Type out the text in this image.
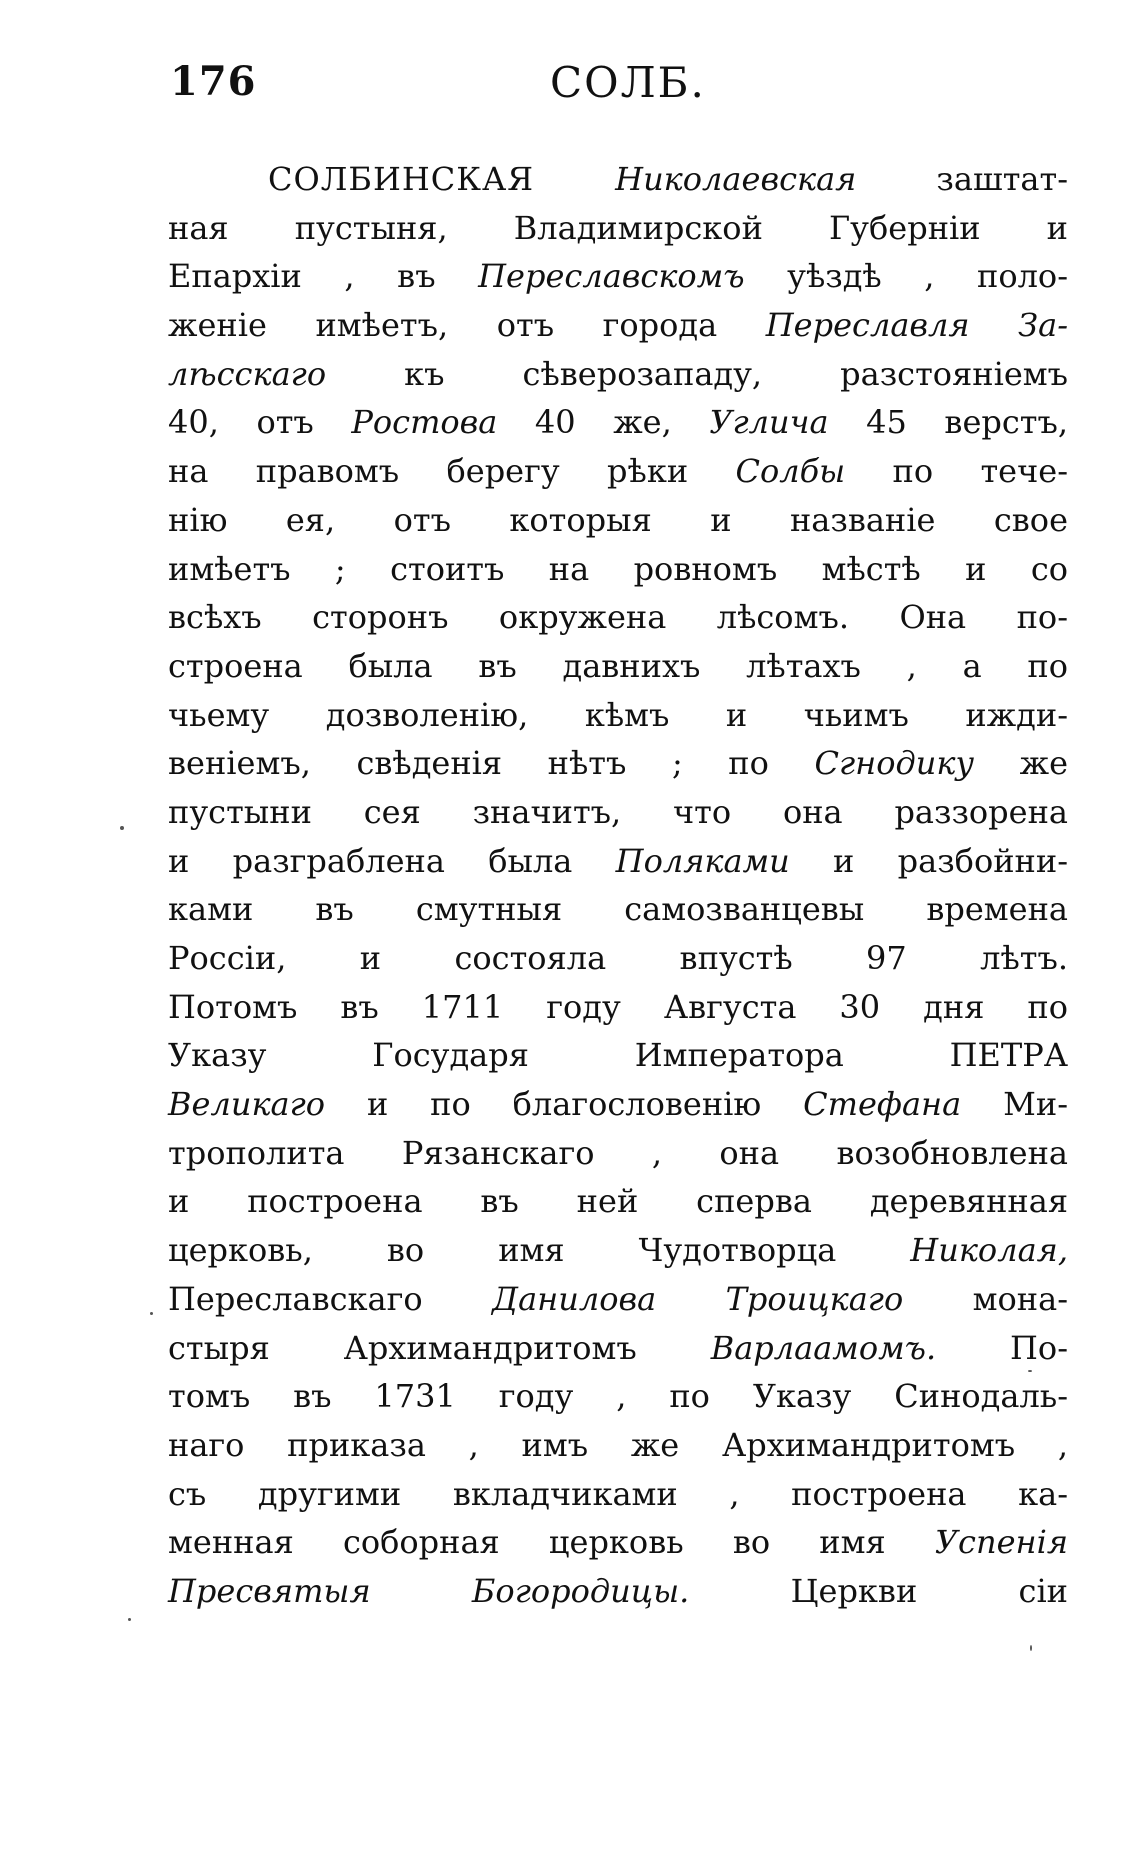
176	СОЛБ.
СОЛБИНСКАЯ Николаевская заштат-
ная пустыня, Владимирской Губерніи и
Епархіи , въ Переславскомъ уѣздѣ , поло-
женіе имѣетъ, отъ города Переславля За-
лѣсскаго къ сѣверозападу, разстояніемъ
40, отъ Ростова 40 же, Углича 45 верстъ,
на правомъ берегу рѣки Солбы по тече-
нію ея, отъ которыя и названіе свое
имѣетъ ; стоитъ на ровномъ мѣстѣ и со
всѣхъ сторонъ окружена лѣсомъ. Она по-
строена была въ давнихъ лѣтахъ , а по
чьему дозволенію, кѣмъ и чьимъ ижди-
веніемъ, свѣденія нѣтъ ; по Сгнодику же
пустыни сея значитъ, что она раззорена
и разграблена была Поляками и разбойни-
ками въ смутныя самозванцевы времена
Россіи, и состояла впустѣ 97 лѣтъ.
Потомъ въ 1711 году Августа 30 дня по
Указу Государя Императора ПЕТРА
Великаго и по благословенію Стефана Ми-
трополита Рязанскаго , она возобновлена
и построена въ ней сперва деревянная
церковь, во имя Чудотворца Николая,
Переславскаго Данилова Троицкаго мона-
стыря Архимандритомъ Варлаамомъ. По-
томъ въ 1731 году , по Указу Синодаль-
наго приказа , имъ же Архимандритомъ ,
съ другими вкладчиками , построена ка-
менная соборная церковь во имя Успенія
Пресвятыя Богородицы. Церкви сіи
